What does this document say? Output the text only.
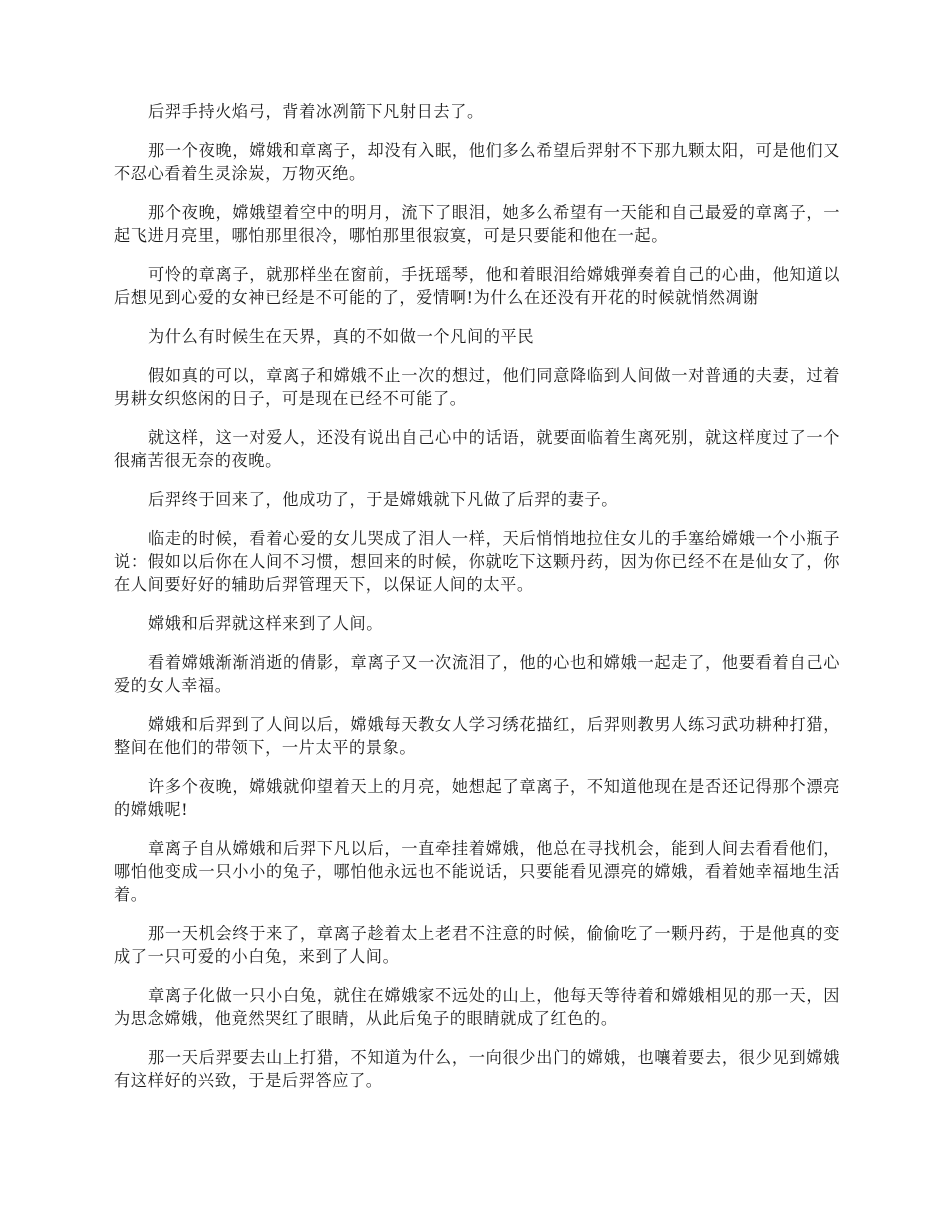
后羿手持火焰弓，背着冰冽箭下凡射日去了。

那一个夜晚，嫦娥和章离子，却没有入眠，他们多么希望后羿射不下那九颗太阳，可是他们又不忍心看着生灵涂炭，万物灭绝。

那个夜晚，嫦娥望着空中的明月，流下了眼泪，她多么希望有一天能和自己最爱的章离子，一起飞进月亮里，哪怕那里很冷，哪怕那里很寂寞，可是只要能和他在一起。

可怜的章离子，就那样坐在窗前，手抚瑶琴，他和着眼泪给嫦娥弹奏着自己的心曲，他知道以后想见到心爱的女神已经是不可能的了，爱情啊!为什么在还没有开花的时候就悄然凋谢

为什么有时候生在天界，真的不如做一个凡间的平民

假如真的可以，章离子和嫦娥不止一次的想过，他们同意降临到人间做一对普通的夫妻，过着男耕女织悠闲的日子，可是现在已经不可能了。

就这样，这一对爱人，还没有说出自己心中的话语，就要面临着生离死别，就这样度过了一个很痛苦很无奈的夜晚。

后羿终于回来了，他成功了，于是嫦娥就下凡做了后羿的妻子。

临走的时候，看着心爱的女儿哭成了泪人一样，天后悄悄地拉住女儿的手塞给嫦娥一个小瓶子说：假如以后你在人间不习惯，想回来的时候，你就吃下这颗丹药，因为你已经不在是仙女了，你在人间要好好的辅助后羿管理天下，以保证人间的太平。

嫦娥和后羿就这样来到了人间。

看着嫦娥渐渐消逝的倩影，章离子又一次流泪了，他的心也和嫦娥一起走了，他要看着自己心爱的女人幸福。

嫦娥和后羿到了人间以后，嫦娥每天教女人学习绣花描红，后羿则教男人练习武功耕种打猎，整间在他们的带领下，一片太平的景象。

许多个夜晚，嫦娥就仰望着天上的月亮，她想起了章离子，不知道他现在是否还记得那个漂亮的嫦娥呢!

章离子自从嫦娥和后羿下凡以后，一直牵挂着嫦娥，他总在寻找机会，能到人间去看看他们，哪怕他变成一只小小的兔子，哪怕他永远也不能说话，只要能看见漂亮的嫦娥，看着她幸福地生活着。

那一天机会终于来了，章离子趁着太上老君不注意的时候，偷偷吃了一颗丹药，于是他真的变成了一只可爱的小白兔，来到了人间。

章离子化做一只小白兔，就住在嫦娥家不远处的山上，他每天等待着和嫦娥相见的那一天，因为思念嫦娥，他竟然哭红了眼睛，从此后兔子的眼睛就成了红色的。

那一天后羿要去山上打猎，不知道为什么，一向很少出门的嫦娥，也嚷着要去，很少见到嫦娥有这样好的兴致，于是后羿答应了。
